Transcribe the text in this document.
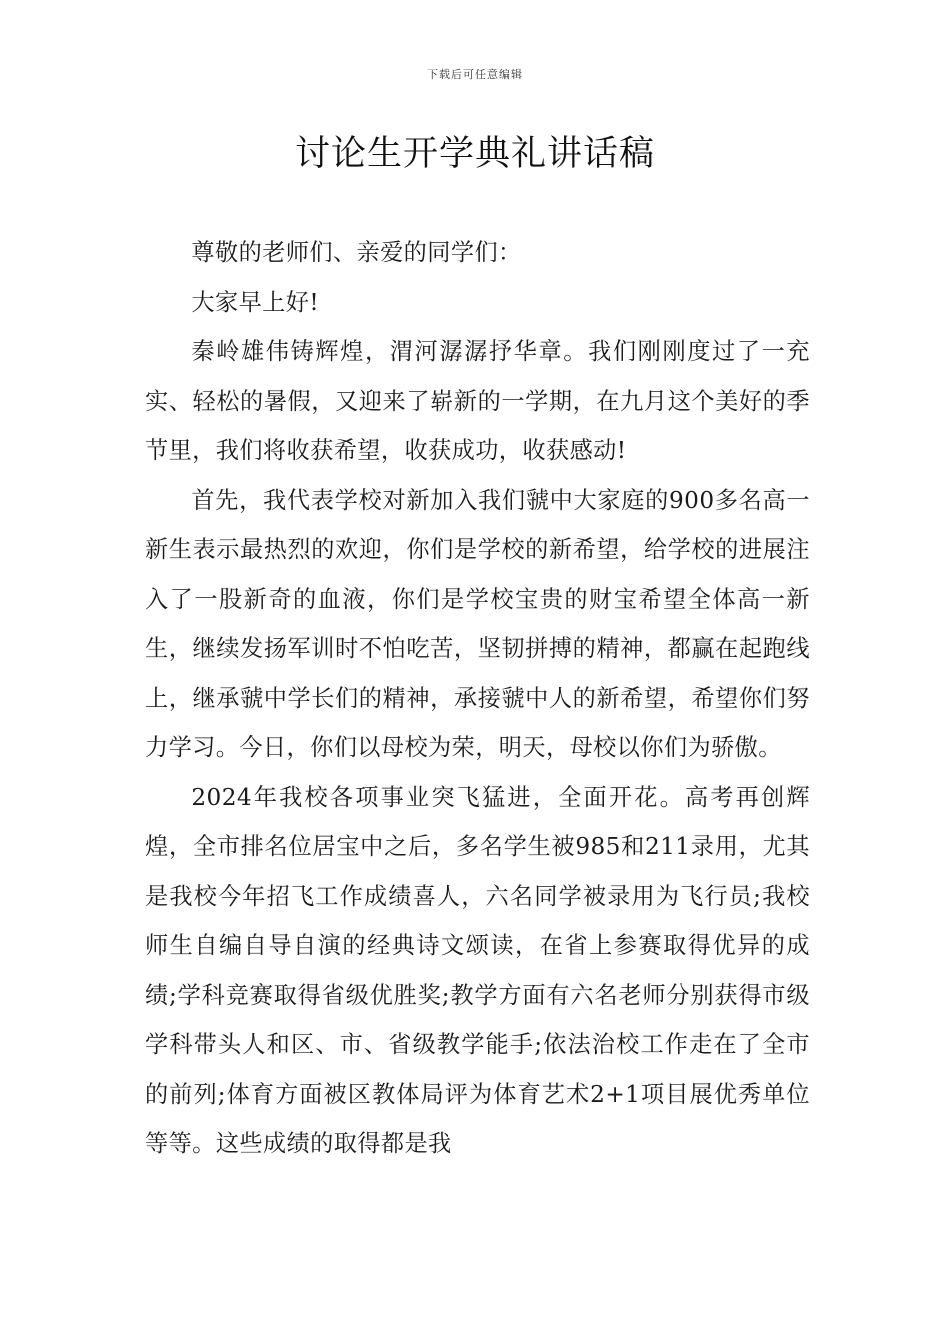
下载后可任意编辑
讨论生开学典礼讲话稿

尊敬的老师们、亲爱的同学们：

大家早上好!

秦岭雄伟铸辉煌，渭河潺潺抒华章。我们刚刚度过了一充实、轻松的暑假，又迎来了崭新的一学期，在九月这个美好的季节里，我们将收获希望，收获成功，收获感动!

首先，我代表学校对新加入我们虢中大家庭的900多名高一新生表示最热烈的欢迎，你们是学校的新希望，给学校的进展注入了一股新奇的血液，你们是学校宝贵的财宝希望全体高一新生，继续发扬军训时不怕吃苦，坚韧拼搏的精神，都赢在起跑线上，继承虢中学长们的精神，承接虢中人的新希望，希望你们努力学习。今日，你们以母校为荣，明天，母校以你们为骄傲。

2024年我校各项事业突飞猛进，全面开花。高考再创辉煌，全市排名位居宝中之后，多名学生被985和211录用，尤其是我校今年招飞工作成绩喜人，六名同学被录用为飞行员;我校师生自编自导自演的经典诗文颂读，在省上参赛取得优异的成绩;学科竞赛取得省级优胜奖;教学方面有六名老师分别获得市级学科带头人和区、市、省级教学能手;依法治校工作走在了全市的前列;体育方面被区教体局评为体育艺术2+1项目展优秀单位等等。这些成绩的取得都是我
